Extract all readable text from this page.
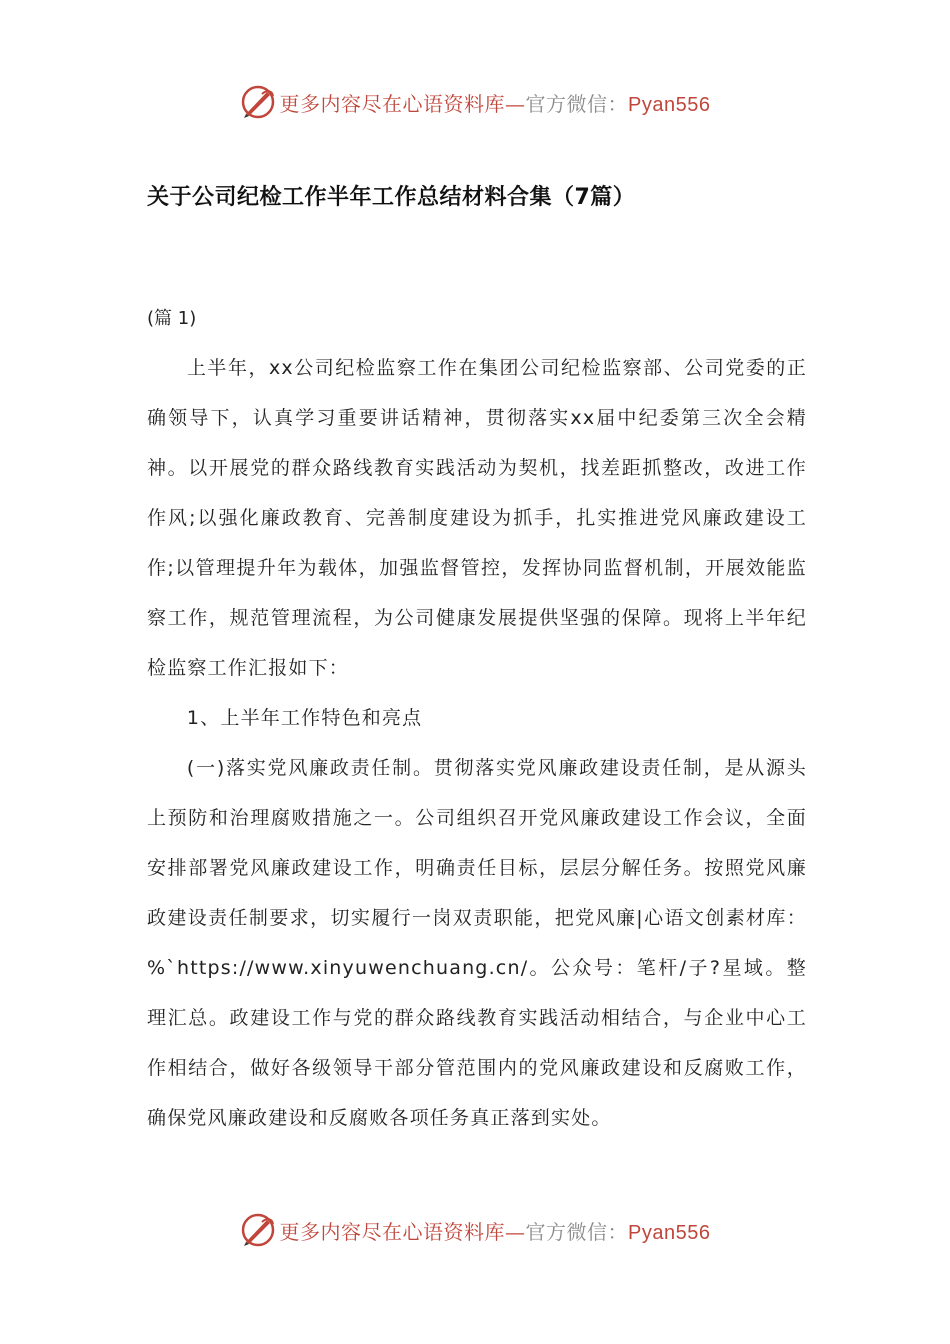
更多内容尽在心语资料库—官方微信：Pyan556
关于公司纪检工作半年工作总结材料合集（7篇）
(篇 1)

上半年，xx公司纪检监察工作在集团公司纪检监察部、公司党委的正确领导下，认真学习重要讲话精神，贯彻落实xx届中纪委第三次全会精神。以开展党的群众路线教育实践活动为契机，找差距抓整改，改进工作作风;以强化廉政教育、完善制度建设为抓手，扎实推进党风廉政建设工作;以管理提升年为载体，加强监督管控，发挥协同监督机制，开展效能监察工作，规范管理流程，为公司健康发展提供坚强的保障。现将上半年纪检监察工作汇报如下：

1、上半年工作特色和亮点

(一)落实党风廉政责任制。贯彻落实党风廉政建设责任制，是从源头上预防和治理腐败措施之一。公司组织召开党风廉政建设工作会议，全面安排部署党风廉政建设工作，明确责任目标，层层分解任务。按照党风廉政建设责任制要求，切实履行一岗双责职能，把党风廉|心语文创素材库：%`https://www.xinyuwenchuang.cn/。公众号：笔杆/子?星域。整理汇总。政建设工作与党的群众路线教育实践活动相结合，与企业中心工作相结合，做好各级领导干部分管范围内的党风廉政建设和反腐败工作，确保党风廉政建设和反腐败各项任务真正落到实处。

更多内容尽在心语资料库—官方微信：Pyan556
